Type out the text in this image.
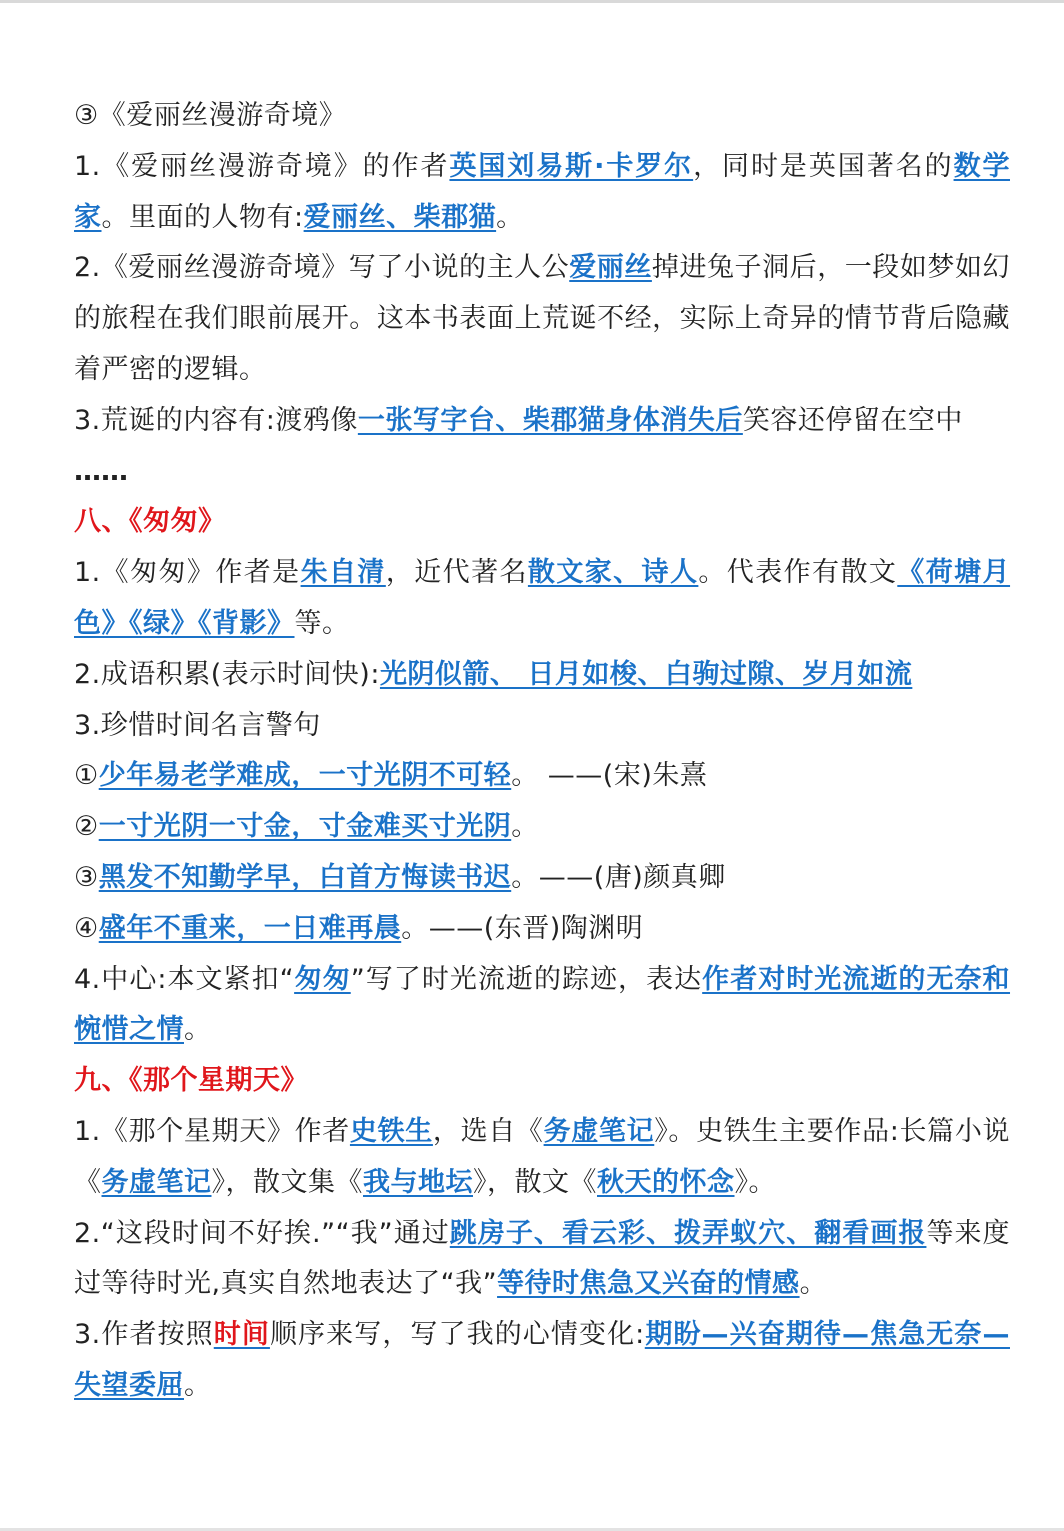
③《爱丽丝漫游奇境》

1.《爱丽丝漫游奇境》的作者英国刘易斯·卡罗尔，同时是英国著名的数学家。里面的人物有:爱丽丝、柴郡猫。

2.《爱丽丝漫游奇境》写了小说的主人公爱丽丝掉进兔子洞后，一段如梦如幻的旅程在我们眼前展开。这本书表面上荒诞不经，实际上奇异的情节背后隐藏着严密的逻辑。

3.荒诞的内容有:渡鸦像一张写字台、柴郡猫身体消失后笑容还停留在空中
……

八、《匆匆》

1.《匆匆》作者是朱自清，近代著名散文家、诗人。代表作有散文《荷塘月色》《绿》《背影》等。

2.成语积累(表示时间快):光阴似箭、 日月如梭、白驹过隙、岁月如流

3.珍惜时间名言警句

①少年易老学难成，一寸光阴不可轻。 ——(宋)朱熹

②一寸光阴一寸金，寸金难买寸光阴。

③黑发不知勤学早，白首方悔读书迟。——(唐)颜真卿

④盛年不重来，一日难再晨。——(东晋)陶渊明

4.中心:本文紧扣“匆匆”写了时光流逝的踪迹，表达作者对时光流逝的无奈和惋惜之情。

九、《那个星期天》

1.《那个星期天》作者史铁生，选自《务虚笔记》。史铁生主要作品:长篇小说《务虚笔记》，散文集《我与地坛》，散文《秋天的怀念》。

2.“这段时间不好挨.”“我”通过跳房子、看云彩、拨弄蚁穴、翻看画报等来度过等待时光,真实自然地表达了“我”等待时焦急又兴奋的情感。

3.作者按照时间顺序来写，写了我的心情变化:期盼—兴奋期待—焦急无奈—失望委屈。
